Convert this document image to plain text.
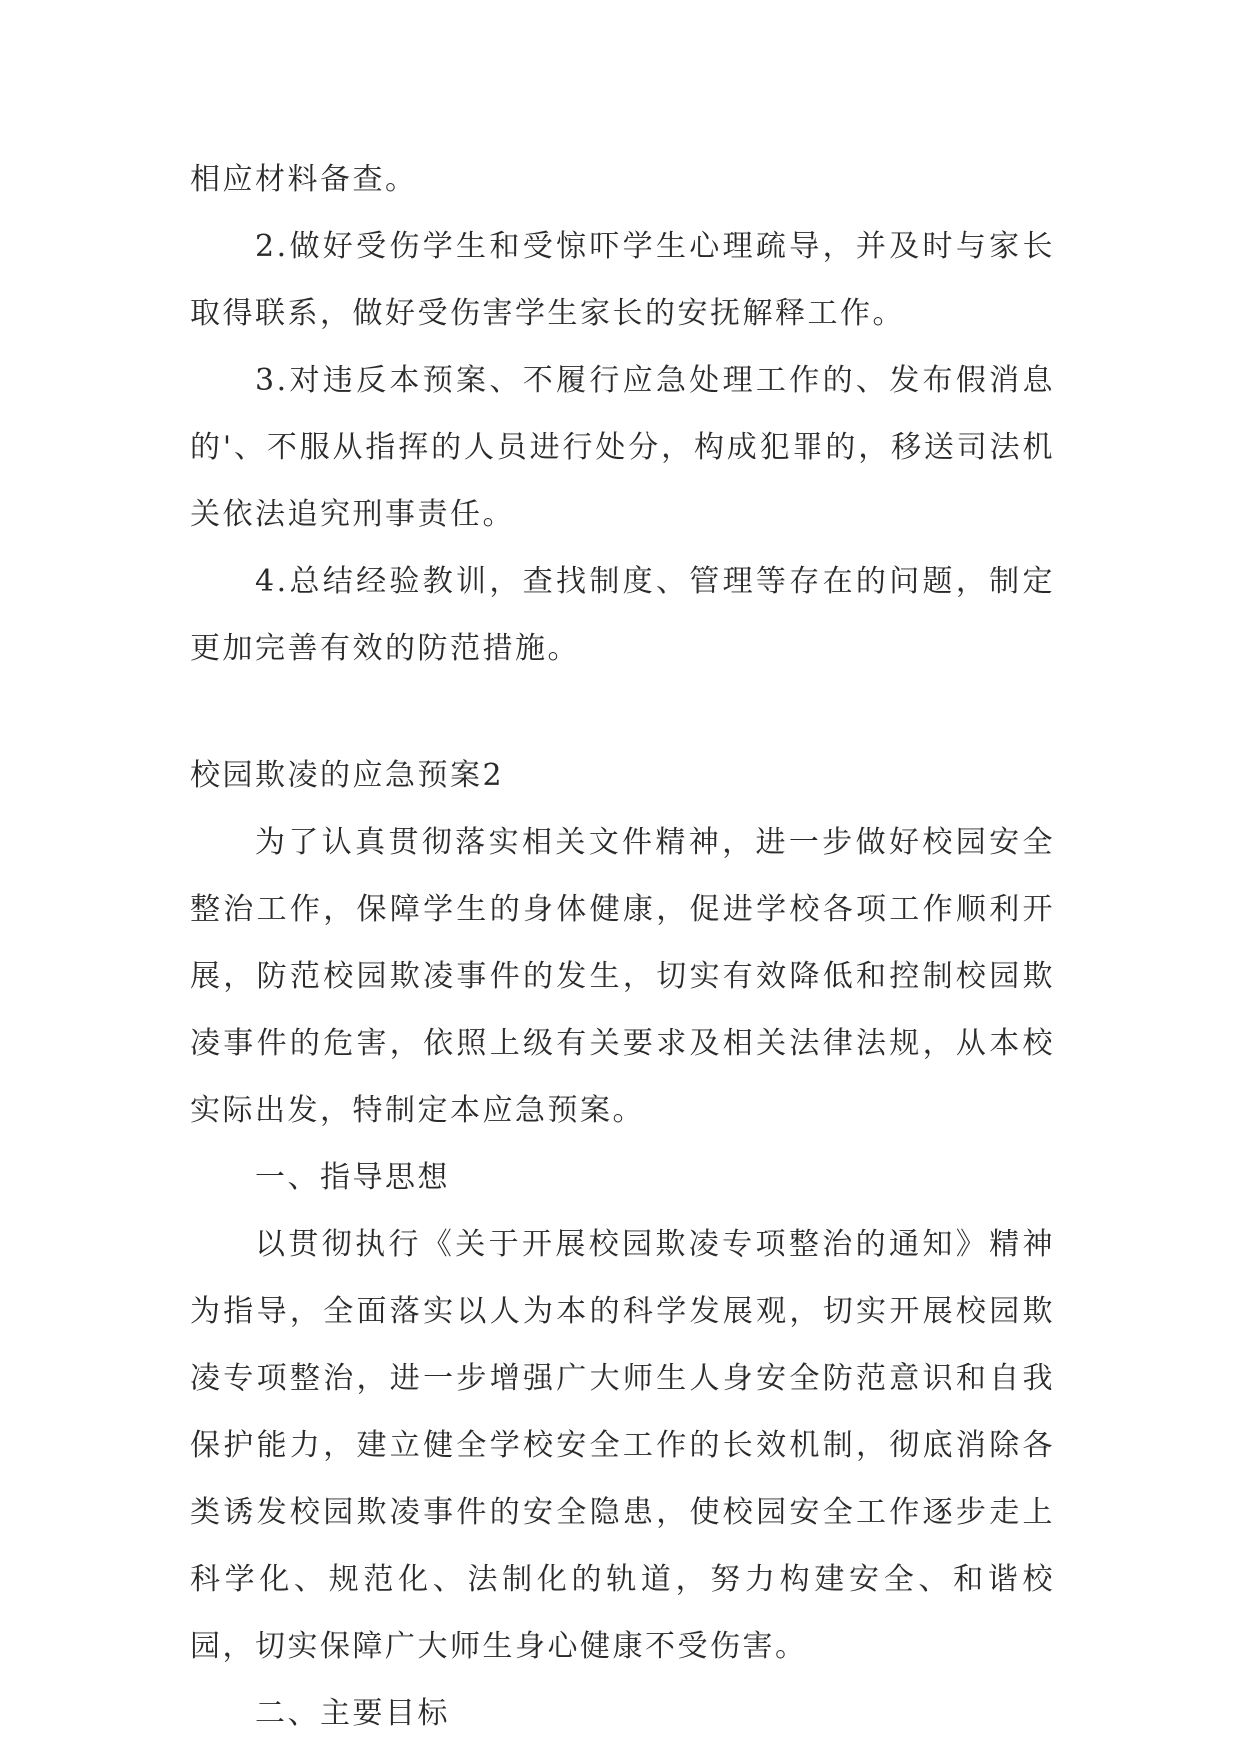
相应材料备查。

2.做好受伤学生和受惊吓学生心理疏导，并及时与家长取得联系，做好受伤害学生家长的安抚解释工作。

3.对违反本预案、不履行应急处理工作的、发布假消息的'、不服从指挥的人员进行处分，构成犯罪的，移送司法机关依法追究刑事责任。

4.总结经验教训，查找制度、管理等存在的问题，制定更加完善有效的防范措施。

校园欺凌的应急预案2

为了认真贯彻落实相关文件精神，进一步做好校园安全整治工作，保障学生的身体健康，促进学校各项工作顺利开展，防范校园欺凌事件的发生，切实有效降低和控制校园欺凌事件的危害，依照上级有关要求及相关法律法规，从本校实际出发，特制定本应急预案。

一、指导思想

以贯彻执行《关于开展校园欺凌专项整治的通知》精神为指导，全面落实以人为本的科学发展观，切实开展校园欺凌专项整治，进一步增强广大师生人身安全防范意识和自我保护能力，建立健全学校安全工作的长效机制，彻底消除各类诱发校园欺凌事件的安全隐患，使校园安全工作逐步走上科学化、规范化、法制化的轨道，努力构建安全、和谐校园，切实保障广大师生身心健康不受伤害。

二、主要目标
